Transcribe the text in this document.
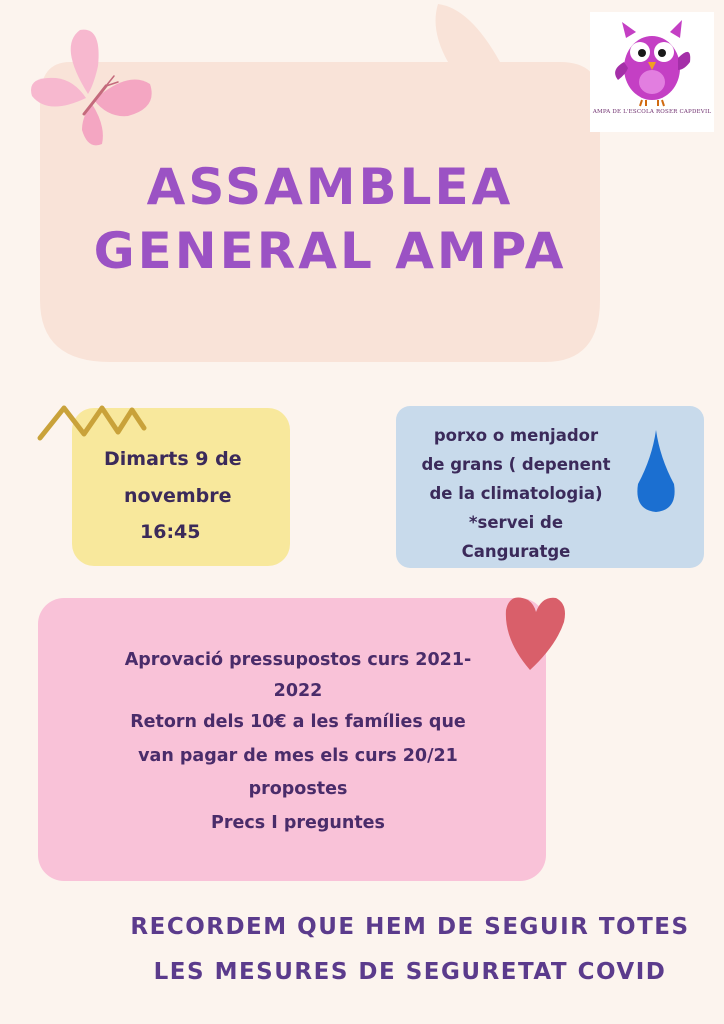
ASSAMBLEA
GENERAL AMPA
AMPA DE L'ESCOLA ROSER CAPDEVIL
Dimarts 9 de
novembre
16:45
porxo o menjador
de grans ( depenent
de la climatologia)
*servei de
Canguratge
Aprovació pressupostos curs 2021-
2022
Retorn dels 10€ a les famílies que
van pagar de mes els curs 20/21
propostes
Precs I preguntes
RECORDEM QUE HEM DE SEGUIR TOTES
LES MESURES DE SEGURETAT COVID
